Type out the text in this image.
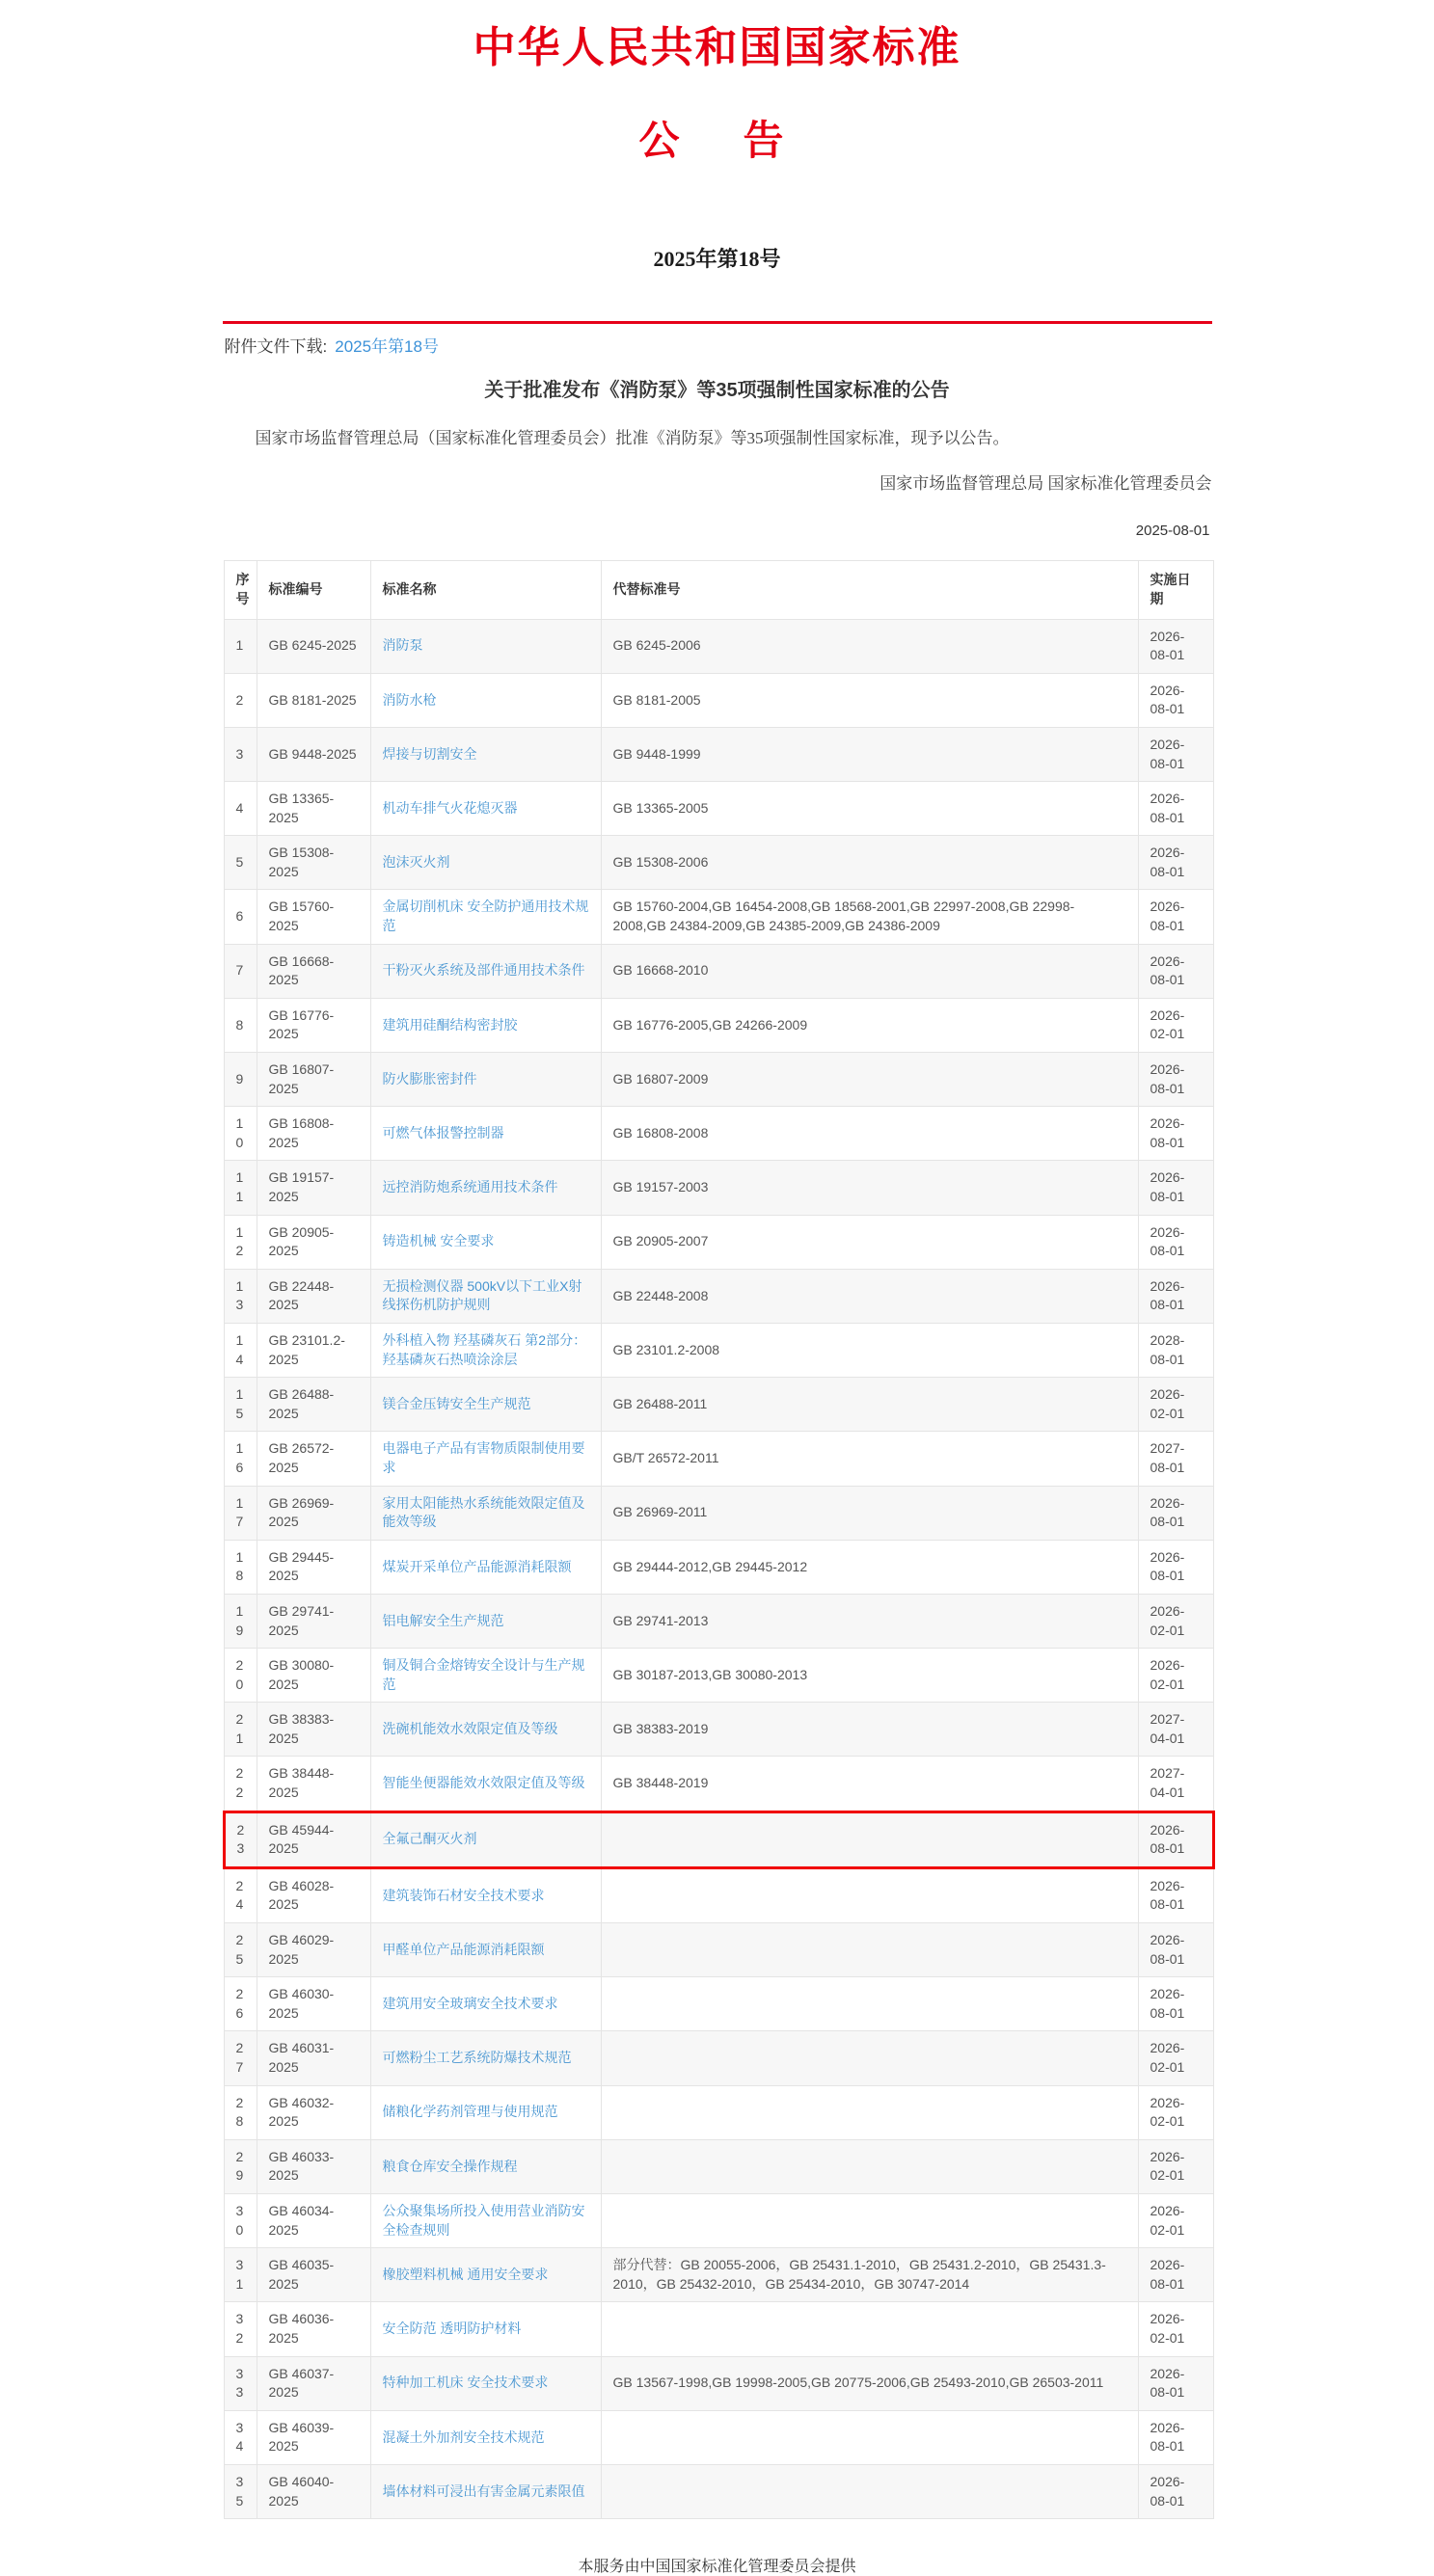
中华人民共和国国家标准
公　告
2025年第18号
附件文件下载: 2025年第18号
关于批准发布《消防泵》等35项强制性国家标准的公告

国家市场监督管理总局（国家标准化管理委员会）批准《消防泵》等35项强制性国家标准，现予以公告。

国家市场监督管理总局 国家标准化管理委员会
2025-08-01
序号	标准编号	标准名称	代替标准号	实施日期
1	GB 6245-2025	消防泵	GB 6245-2006	2026-08-01
2	GB 8181-2025	消防水枪	GB 8181-2005	2026-08-01
3	GB 9448-2025	焊接与切割安全	GB 9448-1999	2026-08-01
4	GB 13365-2025	机动车排气火花熄灭器	GB 13365-2005	2026-08-01
5	GB 15308-2025	泡沫灭火剂	GB 15308-2006	2026-08-01
6	GB 15760-2025	金属切削机床 安全防护通用技术规范	GB 15760-2004,GB 16454-2008,GB 18568-2001,GB 22997-2008,GB 22998-2008,GB 24384-2009,GB 24385-2009,GB 24386-2009	2026-08-01
7	GB 16668-2025	干粉灭火系统及部件通用技术条件	GB 16668-2010	2026-08-01
8	GB 16776-2025	建筑用硅酮结构密封胶	GB 16776-2005,GB 24266-2009	2026-02-01
9	GB 16807-2025	防火膨胀密封件	GB 16807-2009	2026-08-01
10	GB 16808-2025	可燃气体报警控制器	GB 16808-2008	2026-08-01
11	GB 19157-2025	远控消防炮系统通用技术条件	GB 19157-2003	2026-08-01
12	GB 20905-2025	铸造机械 安全要求	GB 20905-2007	2026-08-01
13	GB 22448-2025	无损检测仪器 500kV以下工业X射线探伤机防护规则	GB 22448-2008	2026-08-01
14	GB 23101.2-2025	外科植入物 羟基磷灰石 第2部分：羟基磷灰石热喷涂涂层	GB 23101.2-2008	2028-08-01
15	GB 26488-2025	镁合金压铸安全生产规范	GB 26488-2011	2026-02-01
16	GB 26572-2025	电器电子产品有害物质限制使用要求	GB/T 26572-2011	2027-08-01
17	GB 26969-2025	家用太阳能热水系统能效限定值及能效等级	GB 26969-2011	2026-08-01
18	GB 29445-2025	煤炭开采单位产品能源消耗限额	GB 29444-2012,GB 29445-2012	2026-08-01
19	GB 29741-2025	铝电解安全生产规范	GB 29741-2013	2026-02-01
20	GB 30080-2025	铜及铜合金熔铸安全设计与生产规范	GB 30187-2013,GB 30080-2013	2026-02-01
21	GB 38383-2025	洗碗机能效水效限定值及等级	GB 38383-2019	2027-04-01
22	GB 38448-2025	智能坐便器能效水效限定值及等级	GB 38448-2019	2027-04-01
23	GB 45944-2025	全氟己酮灭火剂		2026-08-01
24	GB 46028-2025	建筑装饰石材安全技术要求		2026-08-01
25	GB 46029-2025	甲醛单位产品能源消耗限额		2026-08-01
26	GB 46030-2025	建筑用安全玻璃安全技术要求		2026-08-01
27	GB 46031-2025	可燃粉尘工艺系统防爆技术规范		2026-02-01
28	GB 46032-2025	储粮化学药剂管理与使用规范		2026-02-01
29	GB 46033-2025	粮食仓库安全操作规程		2026-02-01
30	GB 46034-2025	公众聚集场所投入使用营业消防安全检查规则		2026-02-01
31	GB 46035-2025	橡胶塑料机械 通用安全要求	部分代替：GB 20055-2006，GB 25431.1-2010，GB 25431.2-2010，GB 25431.3-2010，GB 25432-2010，GB 25434-2010，GB 30747-2014	2026-08-01
32	GB 46036-2025	安全防范 透明防护材料		2026-02-01
33	GB 46037-2025	特种加工机床 安全技术要求	GB 13567-1998,GB 19998-2005,GB 20775-2006,GB 25493-2010,GB 26503-2011	2026-08-01
34	GB 46039-2025	混凝土外加剂安全技术规范		2026-08-01
35	GB 46040-2025	墙体材料可浸出有害金属元素限值		2026-08-01
本服务由中国国家标准化管理委员会提供
